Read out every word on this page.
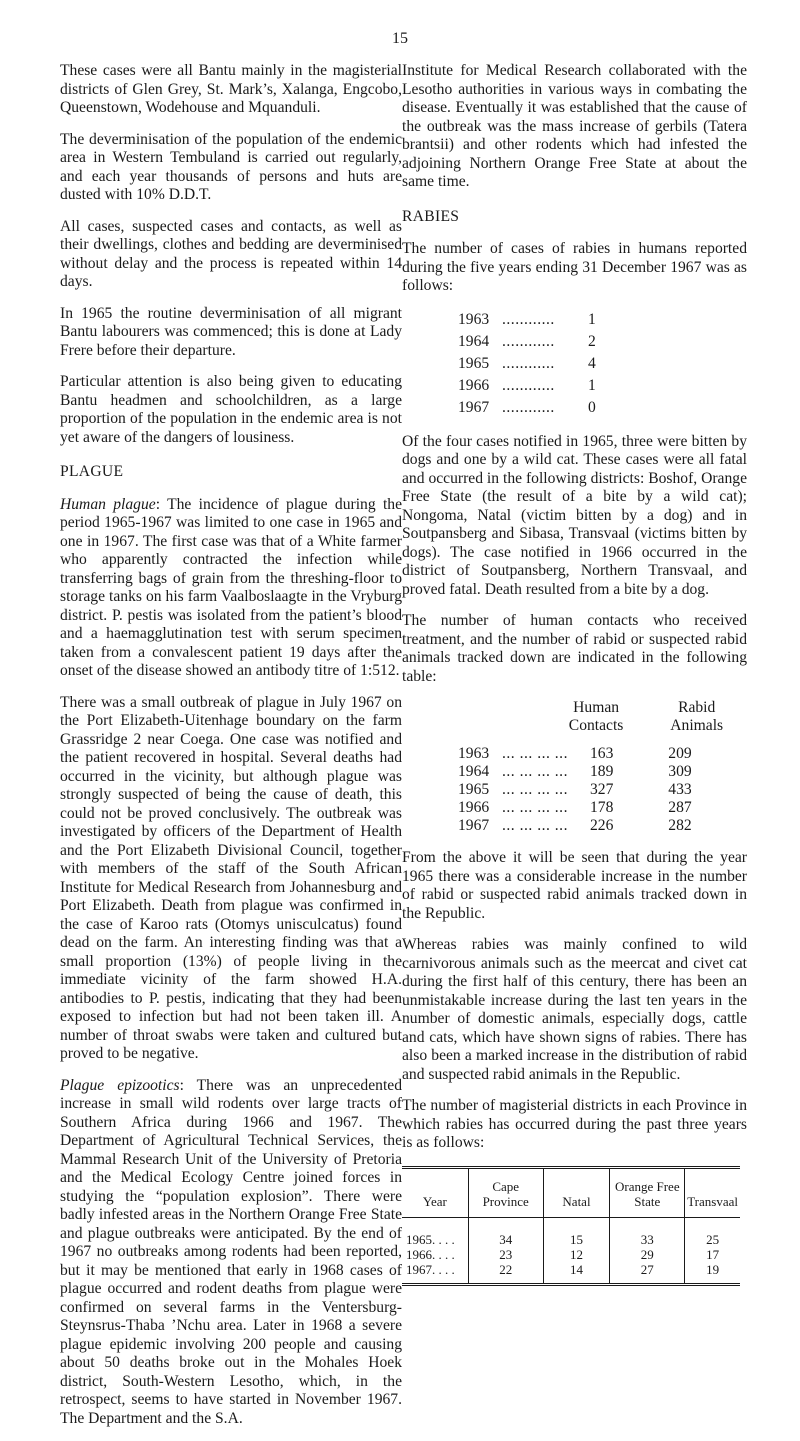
15

These cases were all Bantu mainly in the magisterial districts of Glen Grey, St. Mark’s, Xalanga, Engcobo, Queenstown, Wodehouse and Mquanduli.

The deverminisation of the population of the endemic area in Western Tembuland is carried out regularly, and each year thousands of persons and huts are dusted with 10% D.D.T.

All cases, suspected cases and contacts, as well as their dwellings, clothes and bedding are deverminised without delay and the process is repeated within 14 days.

In 1965 the routine deverminisation of all migrant Bantu labourers was commenced; this is done at Lady Frere before their departure.

Particular attention is also being given to educating Bantu headmen and schoolchildren, as a large proportion of the population in the endemic area is not yet aware of the dangers of lousiness.

PLAGUE

Human plague: The incidence of plague during the period 1965-1967 was limited to one case in 1965 and one in 1967. The first case was that of a White farmer who apparently contracted the infection while transferring bags of grain from the threshing-floor to storage tanks on his farm Vaalboslaagte in the Vryburg district. P. pestis was isolated from the patient’s blood and a haemagglutination test with serum specimen taken from a convalescent patient 19 days after the onset of the disease showed an antibody titre of 1:512.

There was a small outbreak of plague in July 1967 on the Port Elizabeth-Uitenhage boundary on the farm Grassridge 2 near Coega. One case was notified and the patient recovered in hospital. Several deaths had occurred in the vicinity, but although plague was strongly suspected of being the cause of death, this could not be proved conclusively. The outbreak was investigated by officers of the Department of Health and the Port Elizabeth Divisional Council, together with members of the staff of the South African Institute for Medical Research from Johannesburg and Port Elizabeth. Death from plague was confirmed in the case of Karoo rats (Otomys unisculcatus) found dead on the farm. An interesting finding was that a small proportion (13%) of people living in the immediate vicinity of the farm showed H.A. antibodies to P. pestis, indicating that they had been exposed to infection but had not been taken ill. A number of throat swabs were taken and cultured but proved to be negative.

Plague epizootics: There was an unprecedented increase in small wild rodents over large tracts of Southern Africa during 1966 and 1967. The Department of Agricultural Technical Services, the Mammal Research Unit of the University of Pretoria and the Medical Ecology Centre joined forces in studying the “population explosion”. There were badly infested areas in the Northern Orange Free State and plague outbreaks were anticipated. By the end of 1967 no outbreaks among rodents had been reported, but it may be mentioned that early in 1968 cases of plague occurred and rodent deaths from plague were confirmed on several farms in the Ventersburg-Steynsrus-Thaba ’Nchu area. Later in 1968 a severe plague epidemic involving 200 people and causing about 50 deaths broke out in the Mohales Hoek district, South-Western Lesotho, which, in the retrospect, seems to have started in November 1967. The Department and the S.A.

Institute for Medical Research collaborated with the Lesotho authorities in various ways in combating the disease. Eventually it was established that the cause of the outbreak was the mass increase of gerbils (Tatera brantsii) and other rodents which had infested the adjoining Northern Orange Free State at about the same time.

RABIES

The number of cases of rabies in humans reported during the five years ending 31 December 1967 was as follows:

1963 ............	1
1964 ............	2
1965 ............	4
1966 ............	1
1967 ............	0

Of the four cases notified in 1965, three were bitten by dogs and one by a wild cat. These cases were all fatal and occurred in the following districts: Boshof, Orange Free State (the result of a bite by a wild cat); Nongoma, Natal (victim bitten by a dog) and in Soutpansberg and Sibasa, Transvaal (victims bitten by dogs). The case notified in 1966 occurred in the district of Soutpansberg, Northern Transvaal, and proved fatal. Death resulted from a bite by a dog.

The number of human contacts who received treatment, and the number of rabid or suspected rabid animals tracked down are indicated in the following table:

Human
Contacts
Rabid
Animals
1963 ... ... ... ...	163	209
1964 ... ... ... ...	189	309
1965 ... ... ... ...	327	433
1966 ... ... ... ...	178	287
1967 ... ... ... ...	226	282

From the above it will be seen that during the year 1965 there was a considerable increase in the number of rabid or suspected rabid animals tracked down in the Republic.

Whereas rabies was mainly confined to wild carnivorous animals such as the meercat and civet cat during the first half of this century, there has been an unmistakable increase during the last ten years in the number of domestic animals, especially dogs, cattle and cats, which have shown signs of rabies. There has also been a marked increase in the distribution of rabid and suspected rabid animals in the Republic.

The number of magisterial districts in each Province in which rabies has occurred during the past three years is as follows:

Year	Cape Province	Natal	Orange Free State	Transvaal
1965. . . .	34	15	33	25
1966. . . .	23	12	29	17
1967. . . .	22	14	27	19
